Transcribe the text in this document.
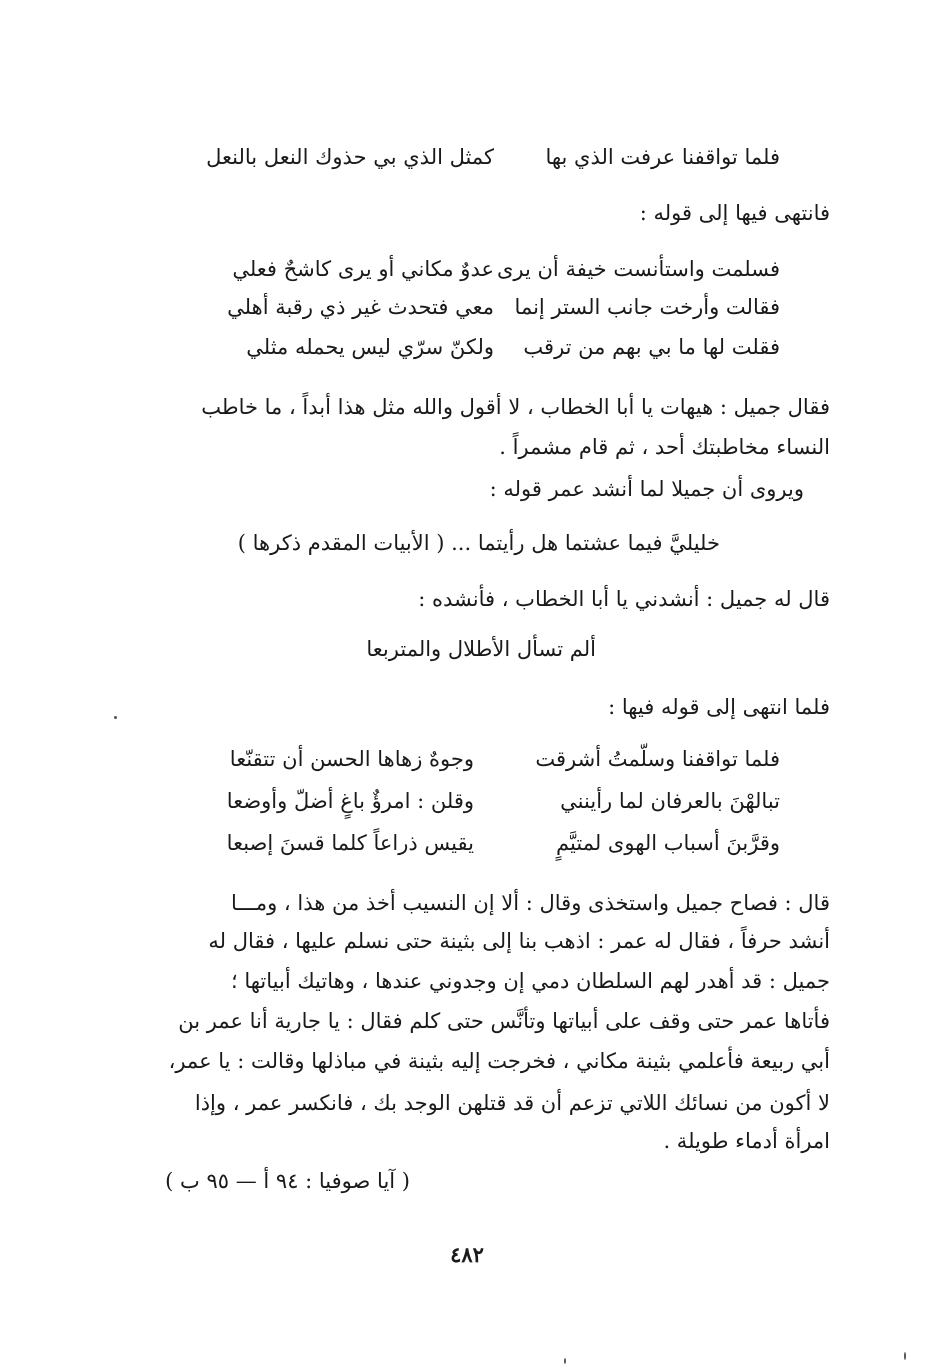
فلما تواقفنا عرفت الذي بها
كمثل الذي بي حذوك النعل بالنعل
فانتهى فيها إلى قوله :
فسلمت واستأنست خيفة أن يرى
عدوٌ مكاني أو يرى كاشحٌ فعلي
فقالت وأرخت جانب الستر إنما
معي فتحدث غير ذي رقبة أهلي
فقلت لها ما بي بهم من ترقب
ولكنّ سرّي ليس يحمله مثلي
فقال جميل : هيهات يا أبا الخطاب ، لا أقول والله مثل هذا أبداً ، ما خاطب
النساء مخاطبتك أحد ، ثم قام مشمراً .
ويروى أن جميلا لما أنشد عمر قوله :
خليليَّ فيما عشتما هل رأيتما ... ( الأبيات المقدم ذكرها )
قال له جميل : أنشدني يا أبا الخطاب ، فأنشده :
ألم تسأل الأطلال والمتربعا
فلما انتهى إلى قوله فيها :
فلما تواقفنا وسلّمتُ أشرقت
وجوهٌ زهاها الحسن أن تتقنّعا
تبالهْنَ بالعرفان لما رأينني
وقلن : امرؤٌ باغٍ أضلّ وأوضعا
وقرَّبنَ أسباب الهوى لمتيَّمٍ
يقيس ذراعاً كلما قسنَ إصبعا
قال : فصاح جميل واستخذى وقال : ألا إن النسيب أخذ من هذا ، ومـــا
أنشد حرفاً ، فقال له عمر : اذهب بنا إلى بثينة حتى نسلم عليها ، فقال له
جميل : قد أهدر لهم السلطان دمي إن وجدوني عندها ، وهاتيك أبياتها ؛
فأتاها عمر حتى وقف على أبياتها وتأنَّس حتى كلم فقال : يا جارية أنا عمر بن
أبي ربيعة فأعلمي بثينة مكاني ، فخرجت إليه بثينة في مباذلها وقالت : يا عمر،
لا أكون من نسائك اللاتي تزعم أن قد قتلهن الوجد بك ، فانكسر عمر ، وإذا
امرأة أدماء طويلة .
( آيا صوفيا : ٩٤ أ — ٩٥ ب )
٤٨٢
